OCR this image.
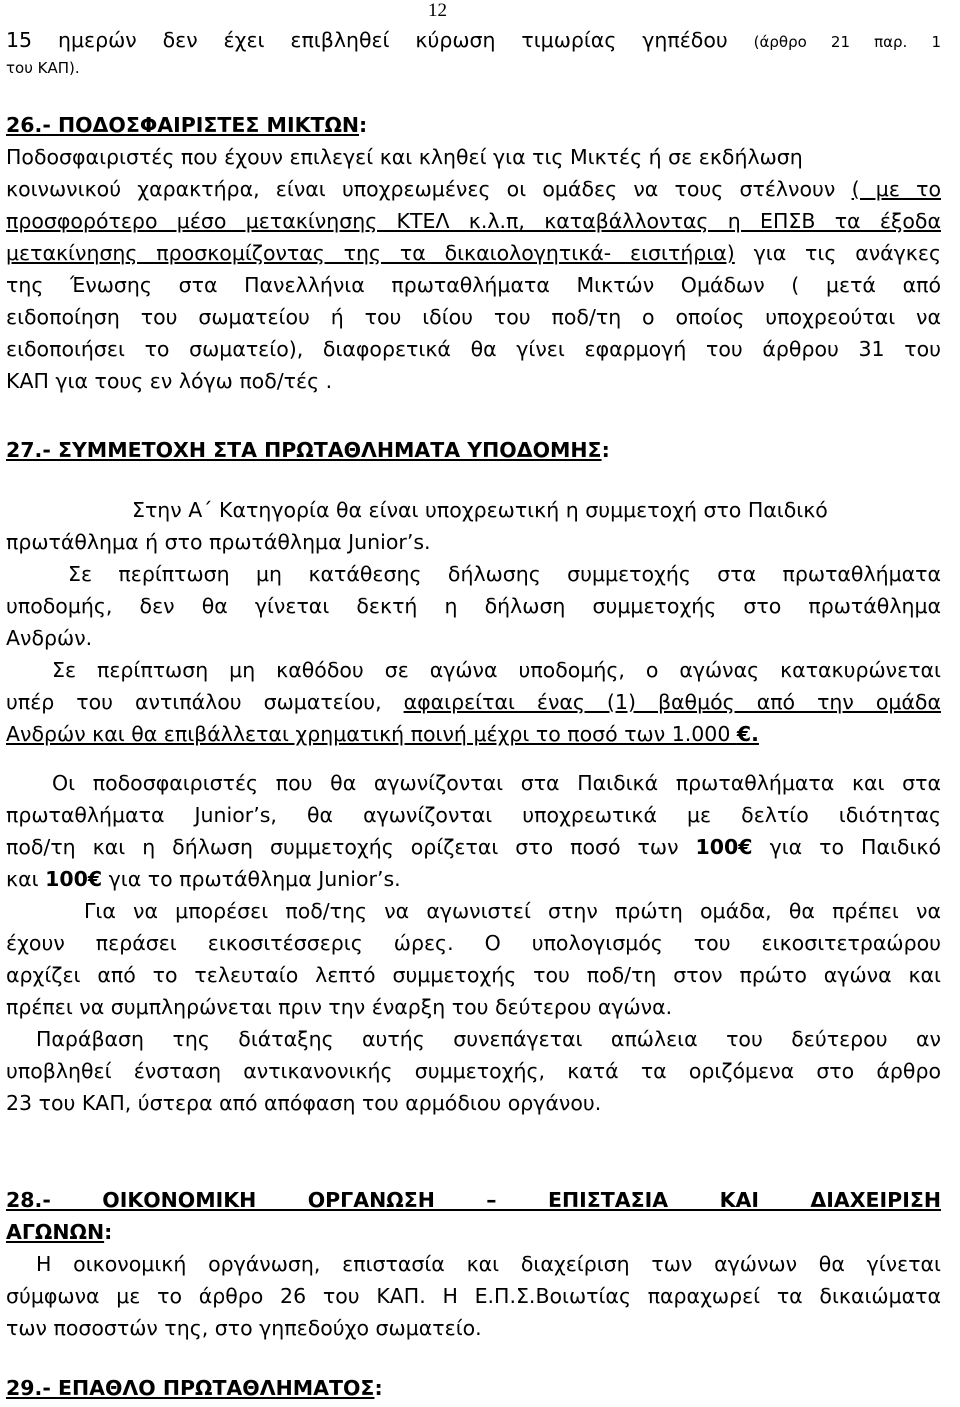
12
15 ημερών δεν έχει επιβληθεί κύρωση τιμωρίας γηπέδου (άρθρο 21 παρ. 1
του ΚΑΠ).
26.- ΠΟΔΟΣΦΑΙΡΙΣΤΕΣ ΜΙΚΤΩΝ:
Ποδοσφαιριστές που έχουν επιλεγεί και κληθεί για τις Μικτές ή σε εκδήλωση
κοινωνικού χαρακτήρα, είναι υποχρεωμένες οι ομάδες να τους στέλνουν ( με το
προσφορότερο μέσο μετακίνησης ΚΤΕΛ κ.λ.π, καταβάλλοντας η ΕΠΣΒ τα έξοδα
μετακίνησης προσκομίζοντας της τα δικαιολογητικά- εισιτήρια) για τις ανάγκες
της Ένωσης στα Πανελλήνια πρωταθλήματα Μικτών Ομάδων ( μετά από
ειδοποίηση του σωματείου ή του ιδίου του ποδ/τη ο οποίος υποχρεούται να
ειδοποιήσει το σωματείο), διαφορετικά θα γίνει εφαρμογή του άρθρου 31 του
ΚΑΠ για τους εν λόγω ποδ/τές .
27.- ΣΥΜΜΕΤΟΧΗ ΣΤΑ ΠΡΩΤΑΘΛΗΜΑΤΑ ΥΠΟΔΟΜΗΣ:
Στην Α΄ Κατηγορία θα είναι υποχρεωτική η συμμετοχή στο Παιδικό
πρωτάθλημα ή στο πρωτάθλημα Junior’s.
Σε περίπτωση μη κατάθεσης δήλωσης συμμετοχής στα πρωταθλήματα
υποδομής, δεν θα γίνεται δεκτή η δήλωση συμμετοχής στο πρωτάθλημα
Ανδρών.
Σε περίπτωση μη καθόδου σε αγώνα υποδομής, ο αγώνας κατακυρώνεται
υπέρ του αντιπάλου σωματείου, αφαιρείται ένας (1) βαθμός από την ομάδα
Ανδρών και θα επιβάλλεται χρηματική ποινή μέχρι το ποσό των 1.000 €.
Οι ποδοσφαιριστές που θα αγωνίζονται στα Παιδικά πρωταθλήματα και στα
πρωταθλήματα Junior’s, θα αγωνίζονται υποχρεωτικά με δελτίο ιδιότητας
ποδ/τη και η δήλωση συμμετοχής ορίζεται στο ποσό των 100€ για το Παιδικό
και 100€ για το πρωτάθλημα Junior’s.
Για να μπορέσει ποδ/της να αγωνιστεί στην πρώτη ομάδα, θα πρέπει να
έχουν περάσει εικοσιτέσσερις ώρες. Ο υπολογισμός του εικοσιτετραώρου
αρχίζει από το τελευταίο λεπτό συμμετοχής του ποδ/τη στον πρώτο αγώνα και
πρέπει να συμπληρώνεται πριν την έναρξη του δεύτερου αγώνα.
Παράβαση της διάταξης αυτής συνεπάγεται απώλεια του δεύτερου αν
υποβληθεί ένσταση αντικανονικής συμμετοχής, κατά τα οριζόμενα στο άρθρο
23 του ΚΑΠ, ύστερα από απόφαση του αρμόδιου οργάνου.
28.- ΟΙΚΟΝΟΜΙΚΗ ΟΡΓΑΝΩΣΗ – ΕΠΙΣΤΑΣΙΑ ΚΑΙ ΔΙΑΧΕΙΡΙΣΗ
ΑΓΩΝΩΝ:
Η οικονομική οργάνωση, επιστασία και διαχείριση των αγώνων θα γίνεται
σύμφωνα με το άρθρο 26 του ΚΑΠ. Η Ε.Π.Σ.Βοιωτίας παραχωρεί τα δικαιώματα
των ποσοστών της, στο γηπεδούχο σωματείο.
29.- ΕΠΑΘΛΟ ΠΡΩΤΑΘΛΗΜΑΤΟΣ:
